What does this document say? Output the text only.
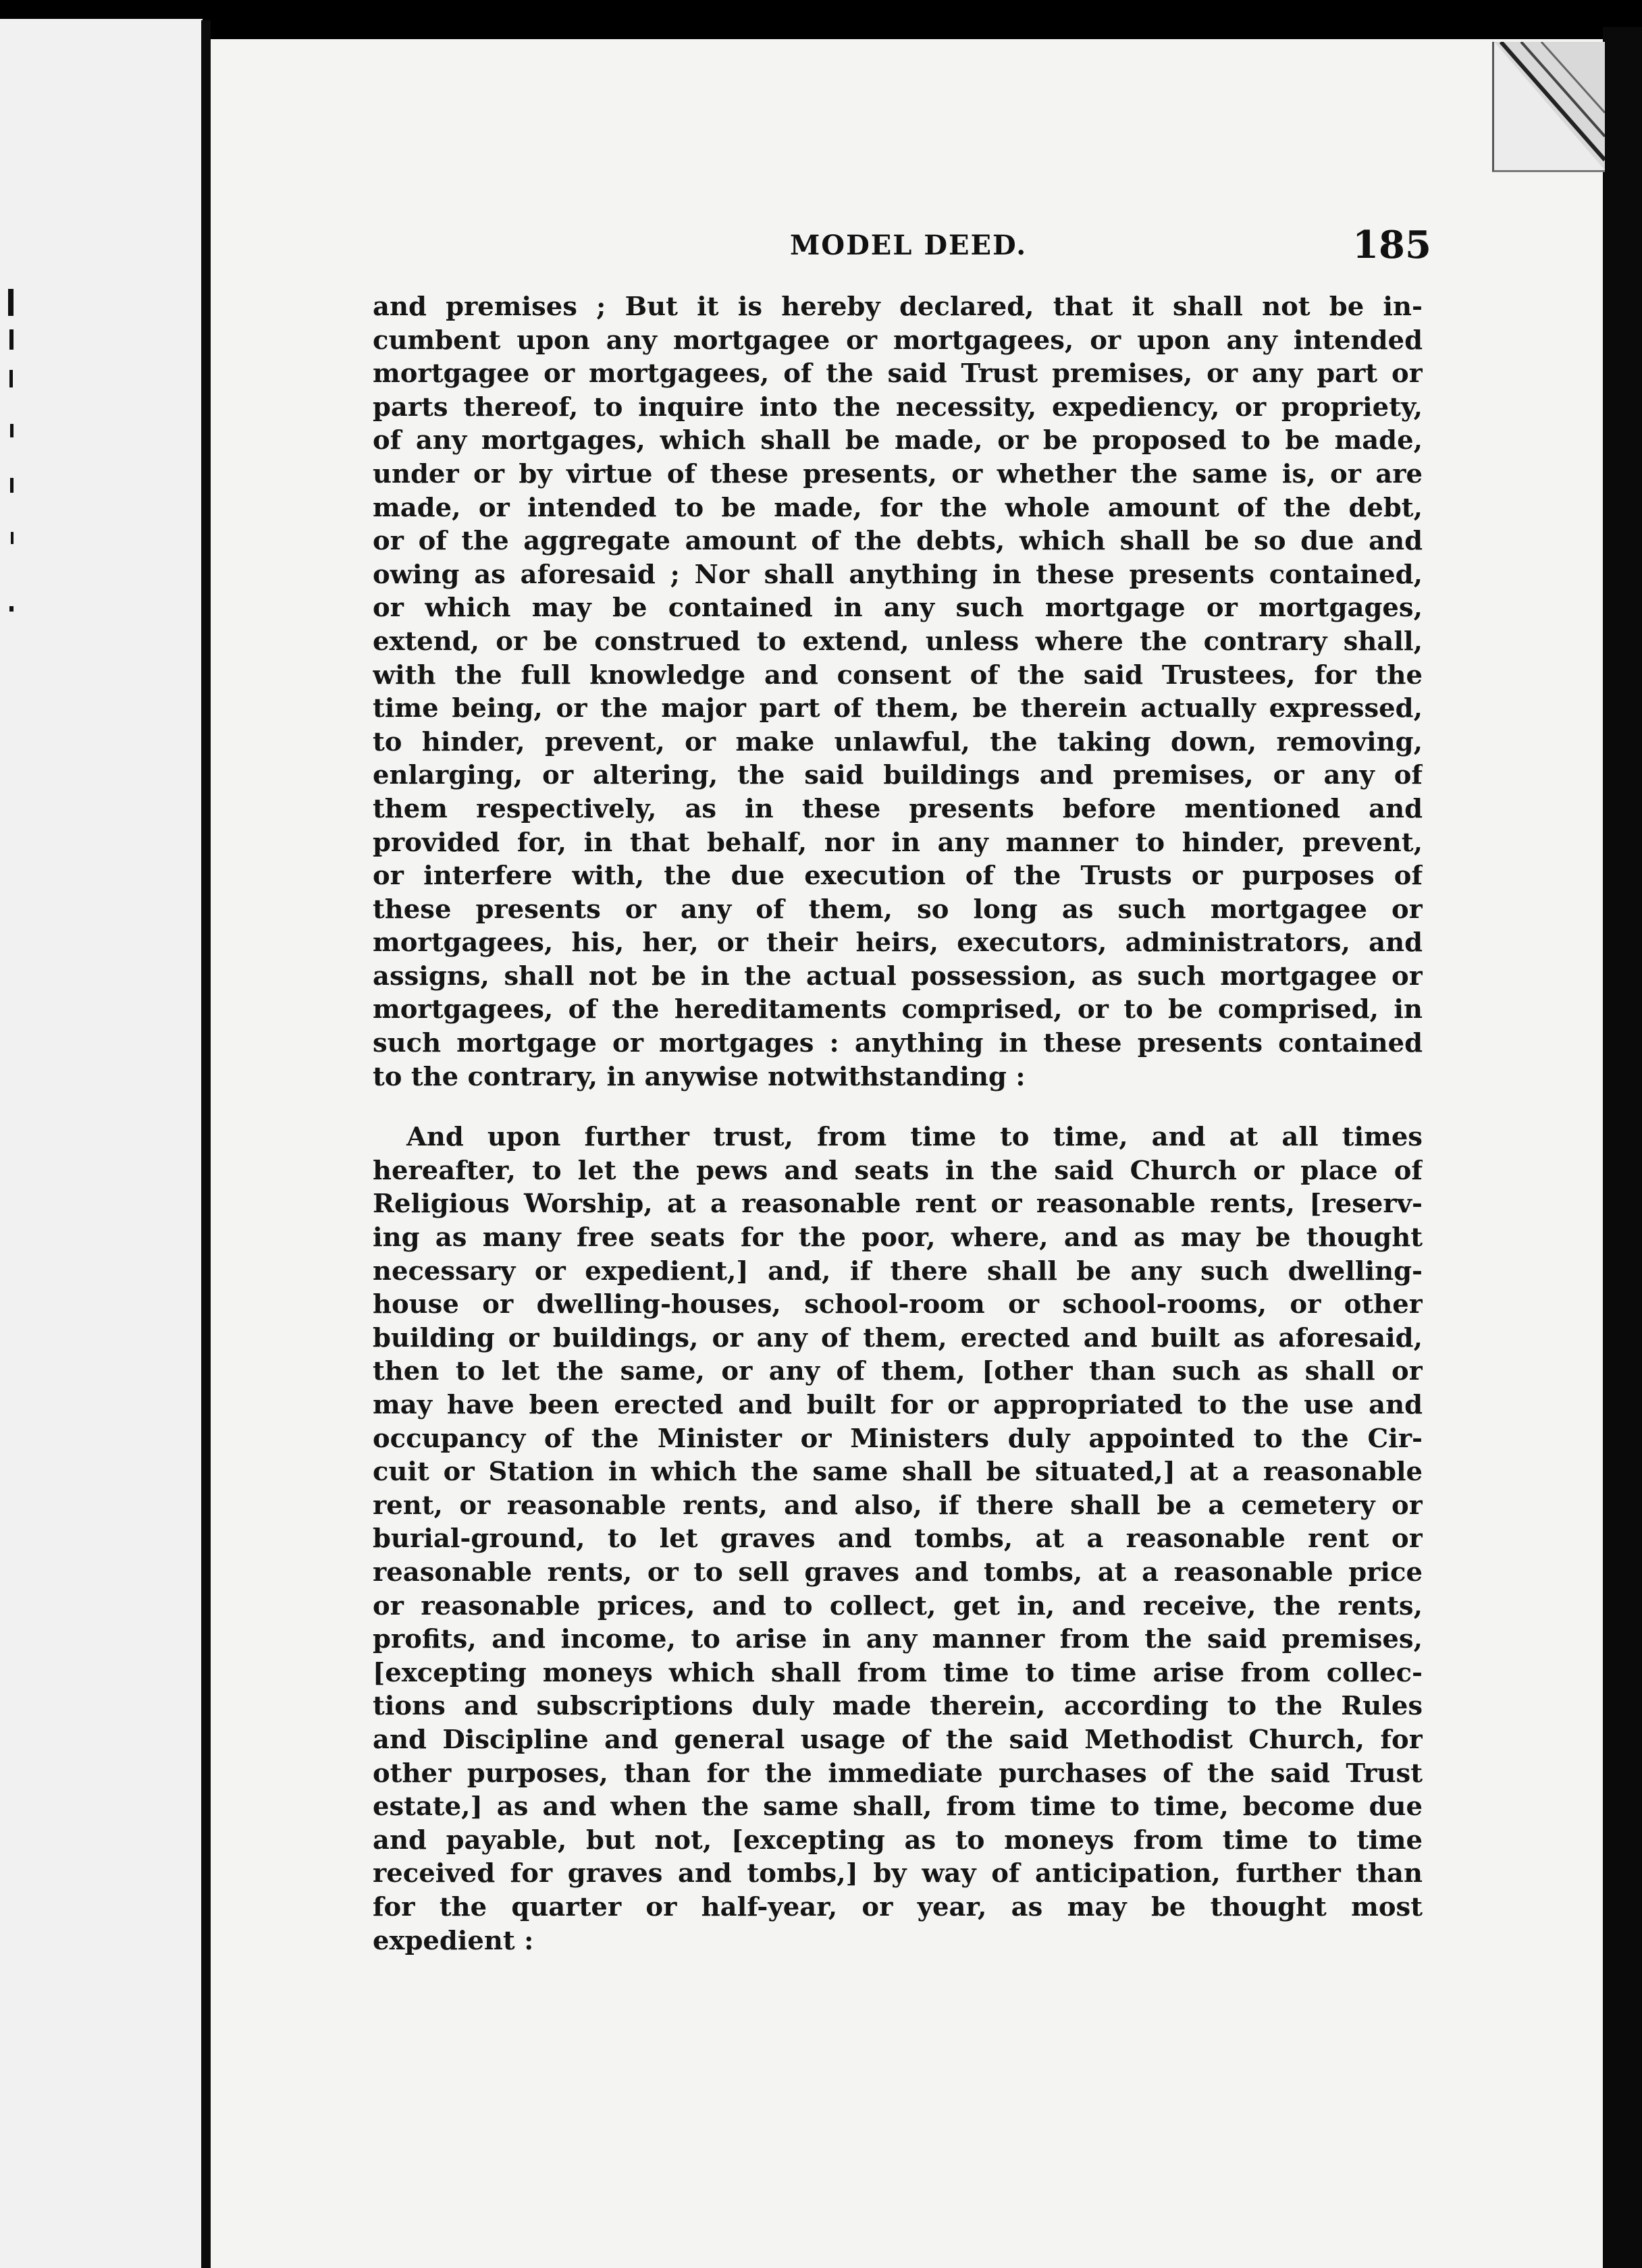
MODEL DEED.	185
and premises ; But it is hereby declared, that it shall not be in-
cumbent upon any mortgagee or mortgagees, or upon any intended
mortgagee or mortgagees, of the said Trust premises, or any part or
parts thereof, to inquire into the necessity, expediency, or propriety,
of any mortgages, which shall be made, or be proposed to be made,
under or by virtue of these presents, or whether the same is, or are
made, or intended to be made, for the whole amount of the debt,
or of the aggregate amount of the debts, which shall be so due and
owing as aforesaid ; Nor shall anything in these presents contained,
or which may be contained in any such mortgage or mortgages,
extend, or be construed to extend, unless where the contrary shall,
with the full knowledge and consent of the said Trustees, for the
time being, or the major part of them, be therein actually expressed,
to hinder, prevent, or make unlawful, the taking down, removing,
enlarging, or altering, the said buildings and premises, or any of
them respectively, as in these presents before mentioned and
provided for, in that behalf, nor in any manner to hinder, prevent,
or interfere with, the due execution of the Trusts or purposes of
these presents or any of them, so long as such mortgagee or
mortgagees, his, her, or their heirs, executors, administrators, and
assigns, shall not be in the actual possession, as such mortgagee or
mortgagees, of the hereditaments comprised, or to be comprised, in
such mortgage or mortgages : anything in these presents contained
to the contrary, in anywise notwithstanding :
And upon further trust, from time to time, and at all times
hereafter, to let the pews and seats in the said Church or place of
Religious Worship, at a reasonable rent or reasonable rents, [reserv-
ing as many free seats for the poor, where, and as may be thought
necessary or expedient,] and, if there shall be any such dwelling-
house or dwelling-houses, school-room or school-rooms, or other
building or buildings, or any of them, erected and built as aforesaid,
then to let the same, or any of them, [other than such as shall or
may have been erected and built for or appropriated to the use and
occupancy of the Minister or Ministers duly appointed to the Cir-
cuit or Station in which the same shall be situated,] at a reasonable
rent, or reasonable rents, and also, if there shall be a cemetery or
burial-ground, to let graves and tombs, at a reasonable rent or
reasonable rents, or to sell graves and tombs, at a reasonable price
or reasonable prices, and to collect, get in, and receive, the rents,
profits, and income, to arise in any manner from the said premises,
[excepting moneys which shall from time to time arise from collec-
tions and subscriptions duly made therein, according to the Rules
and Discipline and general usage of the said Methodist Church, for
other purposes, than for the immediate purchases of the said Trust
estate,] as and when the same shall, from time to time, become due
and payable, but not, [excepting as to moneys from time to time
received for graves and tombs,] by way of anticipation, further than
for the quarter or half-year, or year, as may be thought most
expedient :
